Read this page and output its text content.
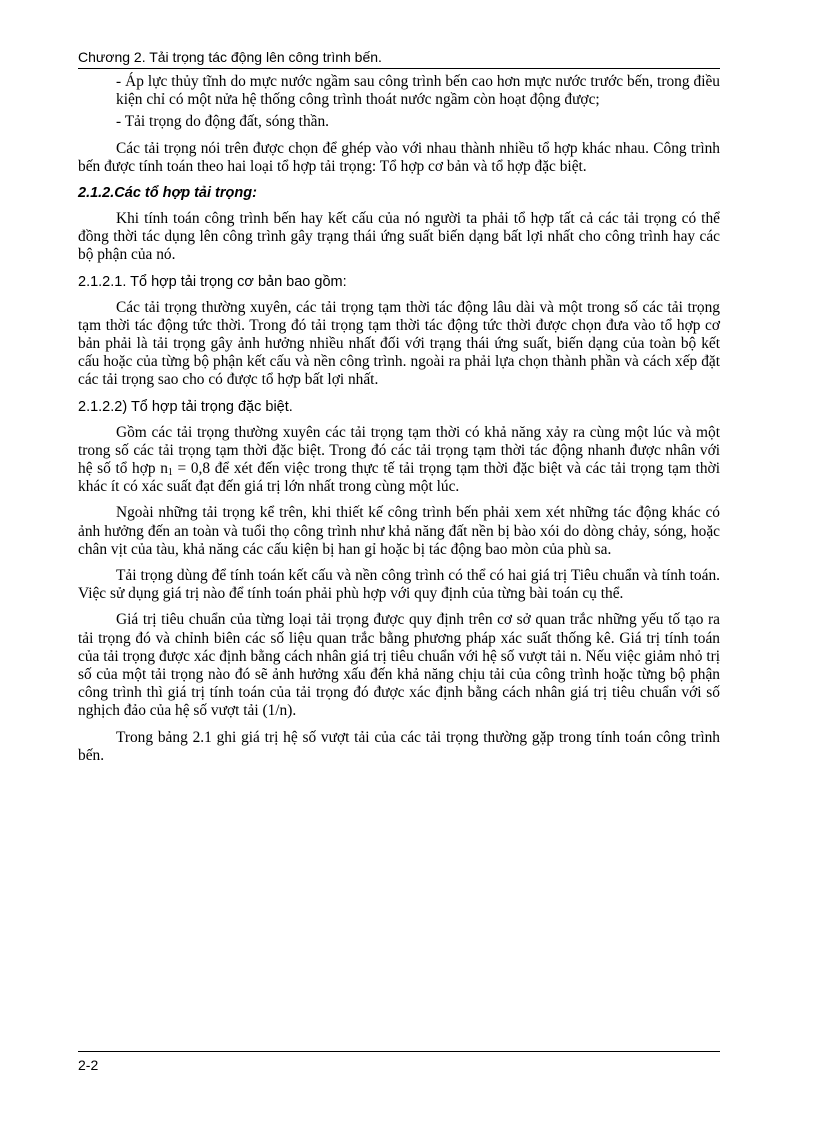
Chương 2. Tải trọng tác động lên công trình bến.

- Áp lực thủy tĩnh do mực nước ngầm sau công trình bến cao hơn mực nước trước bến, trong điều kiện chỉ có một nửa hệ thống công trình thoát nước ngầm còn hoạt động được;

- Tải trọng do động đất, sóng thần.

Các tải trọng nói trên được chọn để ghép vào với nhau thành nhiều tổ hợp khác nhau. Công trình bến được tính toán theo hai loại tổ hợp tải trọng: Tổ hợp cơ bản và tổ hợp đặc biệt.

2.1.2.Các tổ hợp tải trọng:

Khi tính toán công trình bến hay kết cấu của nó người ta phải tổ hợp tất cả các tải trọng có thể đồng thời tác dụng lên công trình gây trạng thái ứng suất biến dạng bất lợi nhất cho công trình hay các bộ phận của nó.

2.1.2.1. Tổ hợp tải trọng cơ bản bao gồm:

Các tải trọng thường xuyên, các tải trọng tạm thời tác động lâu dài và một trong số các tải trọng tạm thời tác động tức thời. Trong đó tải trọng tạm thời tác động tức thời được chọn đưa vào tổ hợp cơ bản phải là tải trọng gây ảnh hưởng nhiều nhất đối với trạng thái ứng suất, biến dạng của toàn bộ kết cấu hoặc của từng bộ phận kết cấu và nền công trình. ngoài ra phải lựa chọn thành phần và cách xếp đặt các tải trọng sao cho có được tổ hợp bất lợi nhất.

2.1.2.2) Tổ hợp tải trọng đặc biệt.

Gồm các tải trọng thường xuyên các tải trọng tạm thời có khả năng xảy ra cùng một lúc và một trong số các tải trọng tạm thời đặc biệt. Trong đó các tải trọng tạm thời tác động nhanh được nhân với hệ số tổ hợp $n_1 = 0,8$ để xét đến việc trong thực tế tải trọng tạm thời đặc biệt và các tải trọng tạm thời khác ít có xác suất đạt đến giá trị lớn nhất trong cùng một lúc.

Ngoài những tải trọng kể trên, khi thiết kế công trình bến phải xem xét những tác động khác có ảnh hưởng đến an toàn và tuổi thọ công trình như khả năng đất nền bị bào xói do dòng chảy, sóng, hoặc chân vịt của tàu, khả năng các cấu kiện bị han gỉ hoặc bị tác động bao mòn của phù sa.

Tải trọng dùng để tính toán kết cấu và nền công trình có thể có hai giá trị Tiêu chuẩn và tính toán. Việc sử dụng giá trị nào để tính toán phải phù hợp với quy định của từng bài toán cụ thể.

Giá trị tiêu chuẩn của từng loại tải trọng được quy định trên cơ sở quan trắc những yếu tố tạo ra tải trọng đó và chỉnh biên các số liệu quan trắc bằng phương pháp xác suất thống kê. Giá trị tính toán của tải trọng được xác định bằng cách nhân giá trị tiêu chuẩn với hệ số vượt tải n. Nếu việc giảm nhỏ trị số của một tải trọng nào đó sẽ ảnh hưởng xấu đến khả năng chịu tải của công trình hoặc từng bộ phận công trình thì giá trị tính toán của tải trọng đó được xác định bằng cách nhân giá trị tiêu chuẩn với số nghịch đảo của hệ số vượt tải (1/n).

Trong bảng 2.1 ghi giá trị hệ số vượt tải của các tải trọng thường gặp trong tính toán công trình bến.

2-2
